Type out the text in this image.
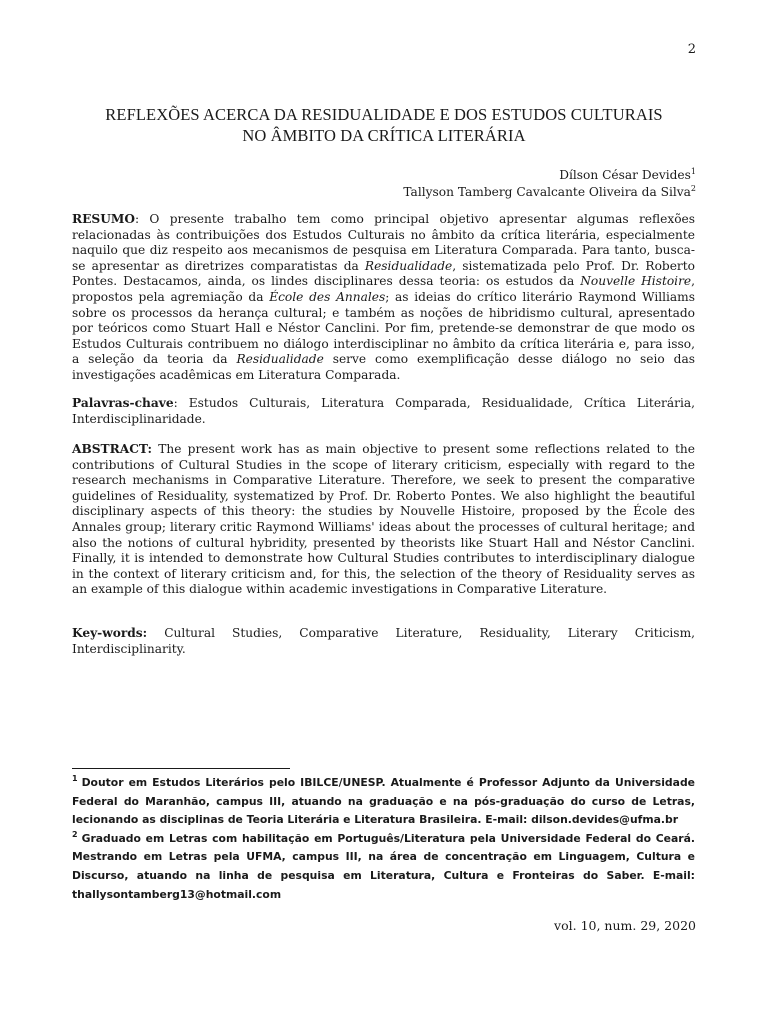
2
REFLEXÕES ACERCA DA RESIDUALIDADE E DOS ESTUDOS CULTURAIS
NO ÂMBITO DA CRÍTICA LITERÁRIA
Dílson César Devides$^1$
Tallyson Tamberg Cavalcante Oliveira da Silva$^2$
RESUMO: O presente trabalho tem como principal objetivo apresentar algumas reflexões relacionadas às contribuições dos Estudos Culturais no âmbito da crítica literária, especialmente naquilo que diz respeito aos mecanismos de pesquisa em Literatura Comparada. Para tanto, busca-se apresentar as diretrizes comparatistas da Residualidade, sistematizada pelo Prof. Dr. Roberto Pontes. Destacamos, ainda, os lindes disciplinares dessa teoria: os estudos da Nouvelle Histoire, propostos pela agremiação da École des Annales; as ideias do crítico literário Raymond Williams sobre os processos da herança cultural; e também as noções de hibridismo cultural, apresentado por teóricos como Stuart Hall e Néstor Canclini. Por fim, pretende-se demonstrar de que modo os Estudos Culturais contribuem no diálogo interdisciplinar no âmbito da crítica literária e, para isso, a seleção da teoria da Residualidade serve como exemplificação desse diálogo no seio das investigações acadêmicas em Literatura Comparada.
Palavras-chave: Estudos Culturais, Literatura Comparada, Residualidade, Crítica Literária, Interdisciplinaridade.
ABSTRACT: The present work has as main objective to present some reflections related to the contributions of Cultural Studies in the scope of literary criticism, especially with regard to the research mechanisms in Comparative Literature. Therefore, we seek to present the comparative guidelines of Residuality, systematized by Prof. Dr. Roberto Pontes. We also highlight the beautiful disciplinary aspects of this theory: the studies by Nouvelle Histoire, proposed by the École des Annales group; literary critic Raymond Williams' ideas about the processes of cultural heritage; and also the notions of cultural hybridity, presented by theorists like Stuart Hall and Néstor Canclini. Finally, it is intended to demonstrate how Cultural Studies contributes to interdisciplinary dialogue in the context of literary criticism and, for this, the selection of the theory of Residuality serves as an example of this dialogue within academic investigations in Comparative Literature.
Key-words: Cultural Studies, Comparative Literature, Residuality, Literary Criticism, Interdisciplinarity.

$^1$ Doutor em Estudos Literários pelo IBILCE/UNESP. Atualmente é Professor Adjunto da Universidade Federal do Maranhão, campus III, atuando na graduação e na pós-graduação do curso de Letras, lecionando as disciplinas de Teoria Literária e Literatura Brasileira. E-mail: dilson.devides@ufma.br

$^2$ Graduado em Letras com habilitação em Português/Literatura pela Universidade Federal do Ceará. Mestrando em Letras pela UFMA, campus III, na área de concentração em Linguagem, Cultura e Discurso, atuando na linha de pesquisa em Literatura, Cultura e Fronteiras do Saber. E-mail: thallysontamberg13@hotmail.com

vol. 10, num. 29, 2020
